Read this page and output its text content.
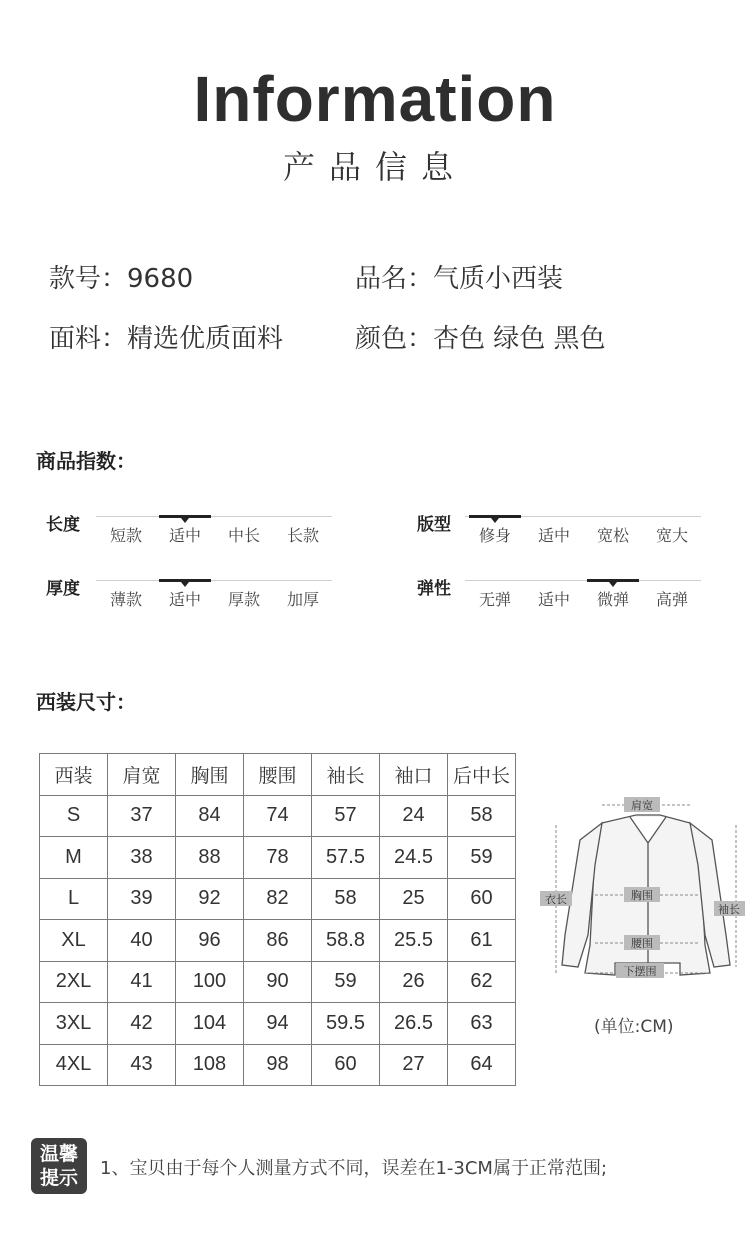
Information
产品信息
款号：9680	品名：气质小西装
面料：精选优质面料	颜色：杏色 绿色 黑色
商品指数：
长度
短款	适中	中长	长款
版型
修身	适中	宽松	宽大
厚度
薄款	适中	厚款	加厚
弹性
无弹	适中	微弹	高弹
西装尺寸：
西装	肩宽	胸围	腰围	袖长	袖口	后中长
S	37	84	74	57	24	58
M	38	88	78	57.5	24.5	59
L	39	92	82	58	25	60
XL	40	96	86	58.8	25.5	61
2XL	41	100	90	59	26	62
3XL	42	104	94	59.5	26.5	63
4XL	43	108	98	60	27	64
肩宽
胸围
腰围
下摆围
衣长
袖长
(单位:CM)
温馨
提示	1、宝贝由于每个人测量方式不同，误差在1-3CM属于正常范围;
